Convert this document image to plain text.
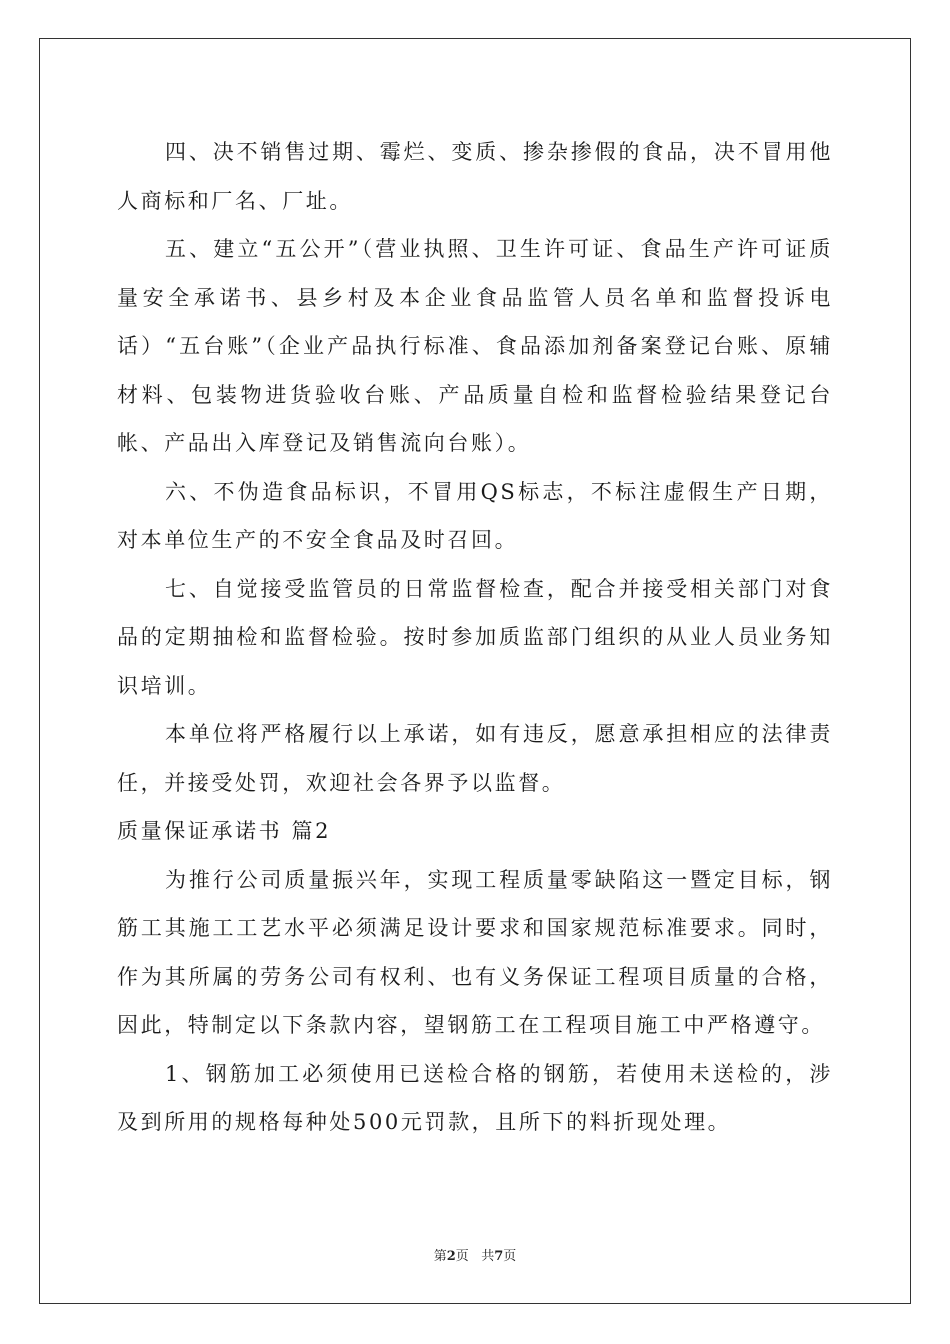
四、决不销售过期、霉烂、变质、掺杂掺假的食品，决不冒用他人商标和厂名、厂址。

五、建立“五公开”（营业执照、卫生许可证、食品生产许可证质量安全承诺书、县乡村及本企业食品监管人员名单和监督投诉电话）“五台账”（企业产品执行标准、食品添加剂备案登记台账、原辅材料、包装物进货验收台账、产品质量自检和监督检验结果登记台帐、产品出入库登记及销售流向台账）。

六、不伪造食品标识，不冒用QS标志，不标注虚假生产日期，对本单位生产的不安全食品及时召回。

七、自觉接受监管员的日常监督检查，配合并接受相关部门对食品的定期抽检和监督检验。按时参加质监部门组织的从业人员业务知识培训。

本单位将严格履行以上承诺，如有违反，愿意承担相应的法律责任，并接受处罚，欢迎社会各界予以监督。

质量保证承诺书 篇2

为推行公司质量振兴年，实现工程质量零缺陷这一暨定目标，钢筋工其施工工艺水平必须满足设计要求和国家规范标准要求。同时，作为其所属的劳务公司有权利、也有义务保证工程项目质量的合格，因此，特制定以下条款内容，望钢筋工在工程项目施工中严格遵守。

1、钢筋加工必须使用已送检合格的钢筋，若使用未送检的，涉及到所用的规格每种处500元罚款，且所下的料折现处理。

第2页 共7页
